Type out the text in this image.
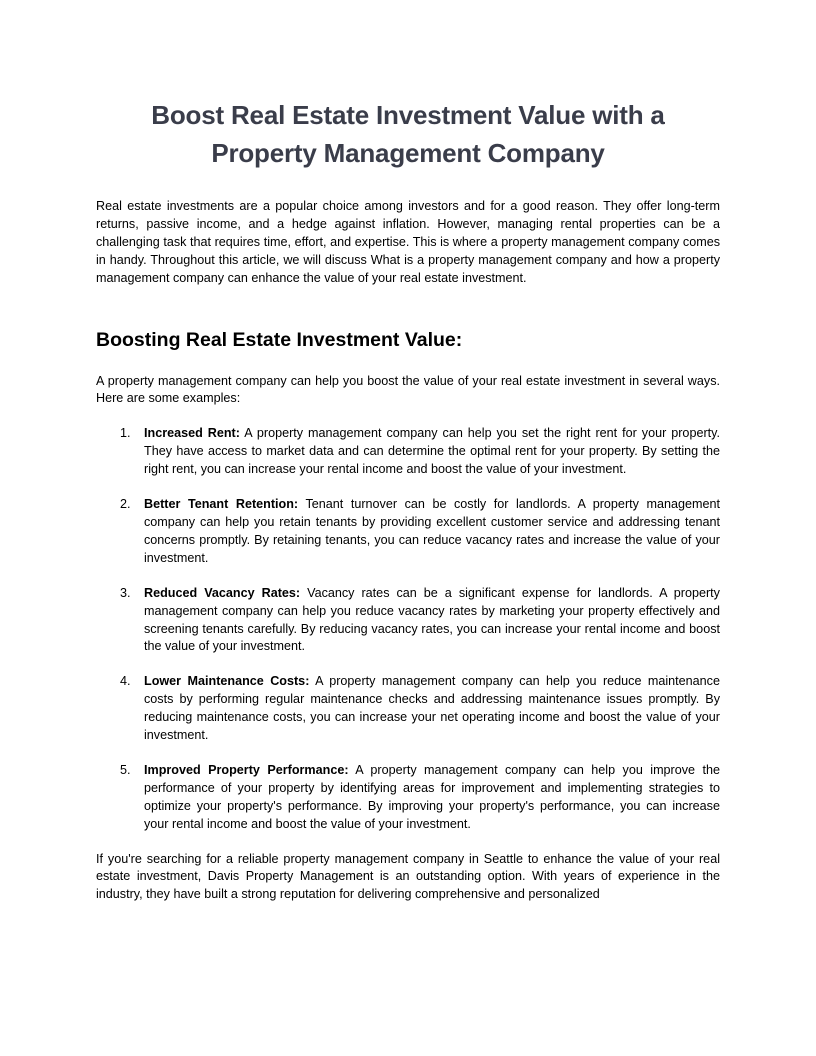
Boost Real Estate Investment Value with a
Property Management Company

Real estate investments are a popular choice among investors and for a good reason. They offer long-term returns, passive income, and a hedge against inflation. However, managing rental properties can be a challenging task that requires time, effort, and expertise. This is where a property management company comes in handy. Throughout this article, we will discuss What is a property management company and how a property management company can enhance the value of your real estate investment.

Boosting Real Estate Investment Value:

A property management company can help you boost the value of your real estate investment in several ways. Here are some examples:

1. Increased Rent: A property management company can help you set the right rent for your property. They have access to market data and can determine the optimal rent for your property. By setting the right rent, you can increase your rental income and boost the value of your investment.
2. Better Tenant Retention: Tenant turnover can be costly for landlords. A property management company can help you retain tenants by providing excellent customer service and addressing tenant concerns promptly. By retaining tenants, you can reduce vacancy rates and increase the value of your investment.
3. Reduced Vacancy Rates: Vacancy rates can be a significant expense for landlords. A property management company can help you reduce vacancy rates by marketing your property effectively and screening tenants carefully. By reducing vacancy rates, you can increase your rental income and boost the value of your investment.
4. Lower Maintenance Costs: A property management company can help you reduce maintenance costs by performing regular maintenance checks and addressing maintenance issues promptly. By reducing maintenance costs, you can increase your net operating income and boost the value of your investment.
5. Improved Property Performance: A property management company can help you improve the performance of your property by identifying areas for improvement and implementing strategies to optimize your property's performance. By improving your property's performance, you can increase your rental income and boost the value of your investment.

If you're searching for a reliable property management company in Seattle to enhance the value of your real estate investment, Davis Property Management is an outstanding option. With years of experience in the industry, they have built a strong reputation for delivering comprehensive and personalized
